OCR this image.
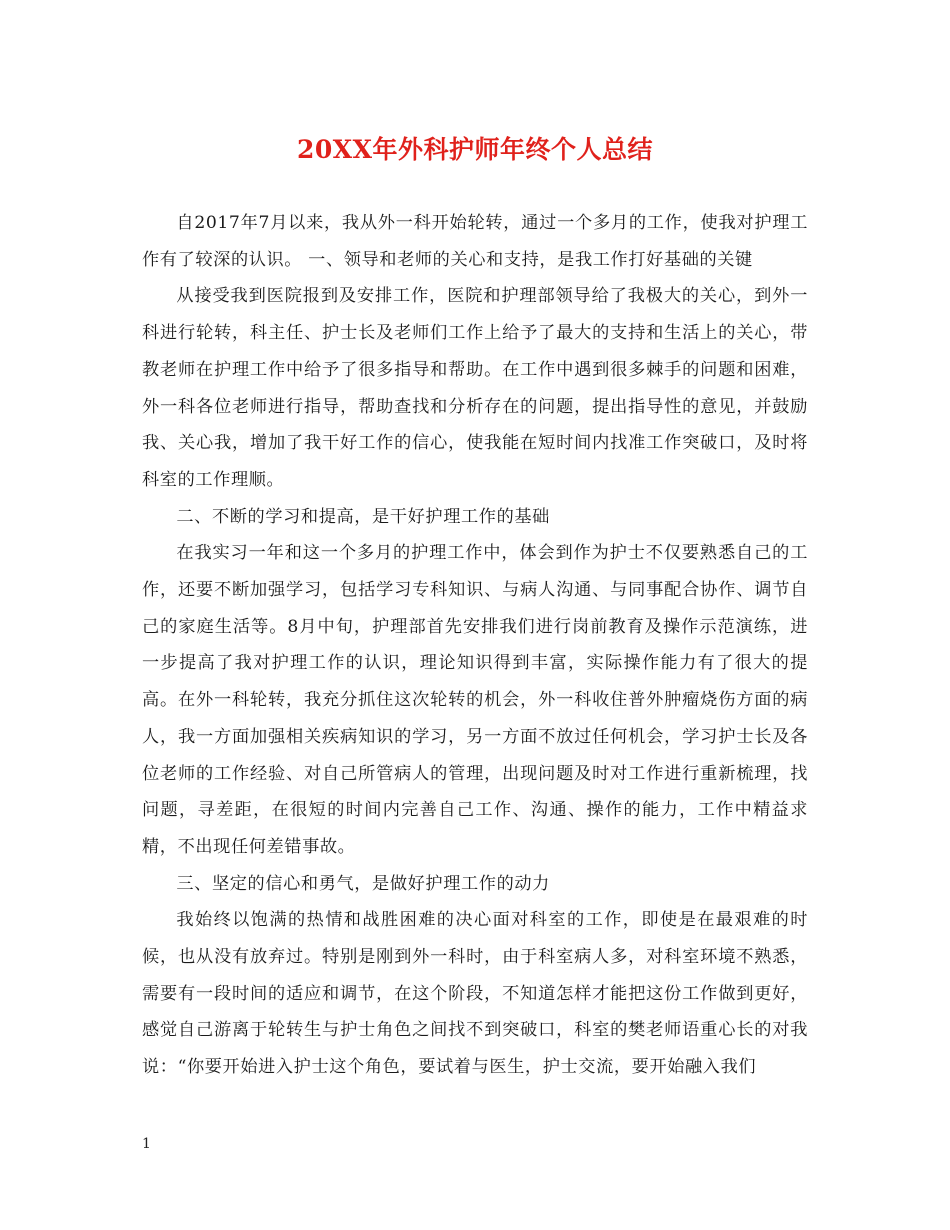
20XX年外科护师年终个人总结

自2017年7月以来，我从外一科开始轮转，通过一个多月的工作，使我对护理工作有了较深的认识。 一、领导和老师的关心和支持，是我工作打好基础的关键

从接受我到医院报到及安排工作，医院和护理部领导给了我极大的关心，到外一科进行轮转，科主任、护士长及老师们工作上给予了最大的支持和生活上的关心，带教老师在护理工作中给予了很多指导和帮助。在工作中遇到很多棘手的问题和困难，外一科各位老师进行指导，帮助查找和分析存在的问题，提出指导性的意见，并鼓励我、关心我，增加了我干好工作的信心，使我能在短时间内找准工作突破口，及时将科室的工作理顺。

二、不断的学习和提高，是干好护理工作的基础

在我实习一年和这一个多月的护理工作中，体会到作为护士不仅要熟悉自己的工作，还要不断加强学习，包括学习专科知识、与病人沟通、与同事配合协作、调节自己的家庭生活等。8月中旬，护理部首先安排我们进行岗前教育及操作示范演练，进一步提高了我对护理工作的认识，理论知识得到丰富，实际操作能力有了很大的提高。在外一科轮转，我充分抓住这次轮转的机会，外一科收住普外肿瘤烧伤方面的病人，我一方面加强相关疾病知识的学习，另一方面不放过任何机会，学习护士长及各位老师的工作经验、对自己所管病人的管理，出现问题及时对工作进行重新梳理，找问题，寻差距，在很短的时间内完善自己工作、沟通、操作的能力，工作中精益求精，不出现任何差错事故。

三、坚定的信心和勇气，是做好护理工作的动力

我始终以饱满的热情和战胜困难的决心面对科室的工作，即使是在最艰难的时候，也从没有放弃过。特别是刚到外一科时，由于科室病人多，对科室环境不熟悉，需要有一段时间的适应和调节，在这个阶段，不知道怎样才能把这份工作做到更好，感觉自己游离于轮转生与护士角色之间找不到突破口，科室的樊老师语重心长的对我说：“你要开始进入护士这个角色，要试着与医生，护士交流，要开始融入我们

1
